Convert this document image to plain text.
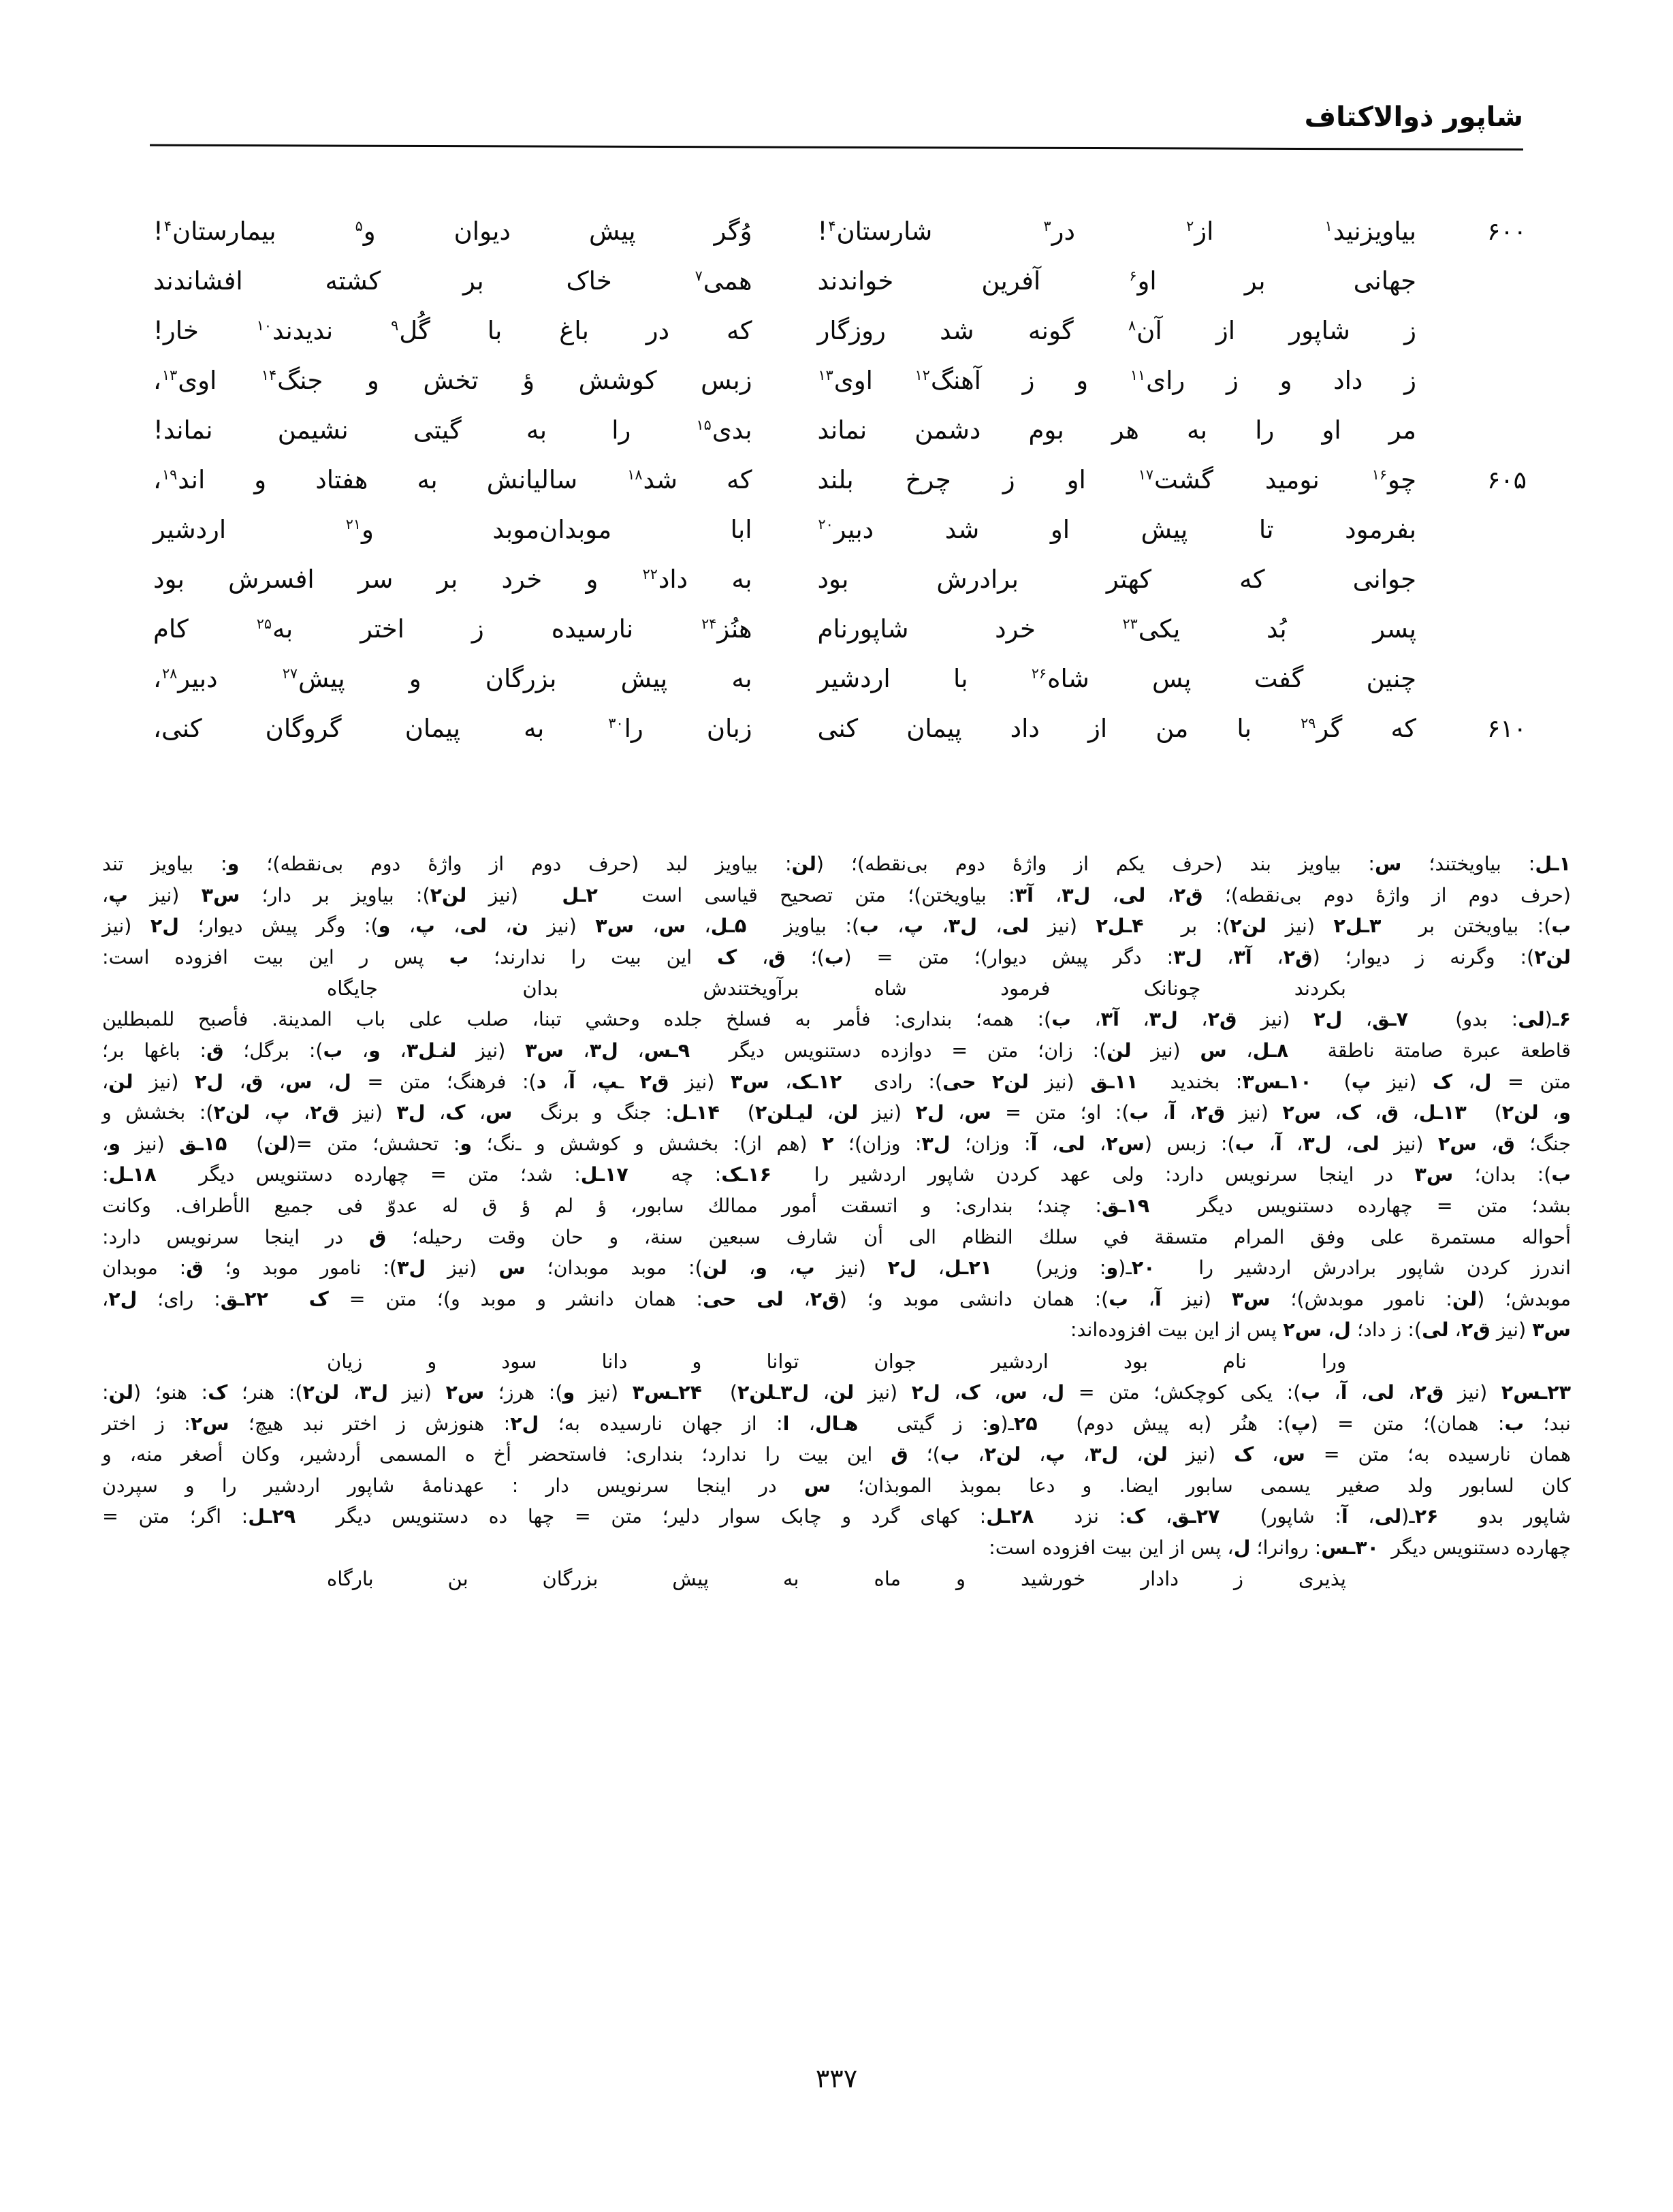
شاپور ذوالاکتاف
۶۰۰
بیاویزنید$^۱$ از$^۲$ در$^۳$ شارستان$^۴$!
وُگر پیش دیوان و$^۵$ بیمارستان$^۴$!
جهانی بر او$^۶$ آفرین خواندند
همی$^۷$ خاک بر کشته افشاندند
ز شاپور از آن$^۸$ گونه شد روزگار
که در باغ با گُل$^۹$ ندیدند$^{۱۰}$ خار!
ز داد و ز رای$^{۱۱}$ و ز آهنگ$^{۱۲}$ اوی$^{۱۳}$
زبس کوشش ؤ تخش و جنگ$^{۱۴}$ اوی$^{۱۳}$،
مر او را به هر بوم دشمن نماند
بدی$^{۱۵}$ را به گیتی نشیمن نماند!
۶۰۵
چو$^{۱۶}$ نومید گشت$^{۱۷}$ او ز چرخ بلند
که شد$^{۱۸}$ سالیانش به هفتاد و اند$^{۱۹}$،
بفرمود تا پیش او شد دبیر$^{۲۰}$
ابا موبدان‌موبد و$^{۲۱}$ اردشیر
جوانی که کهتر برادرش بود
به داد$^{۲۲}$ و خرد بر سر افسرش بود
پسر بُد یکی$^{۲۳}$ خرد شاپورنام
هنُز$^{۲۴}$ نارسیده ز اختر به$^{۲۵}$ کام
چنین گفت پس شاه$^{۲۶}$ با اردشیر
به پیش بزرگان و پیش$^{۲۷}$ دبیر$^{۲۸}$،
۶۱۰
که گر$^{۲۹}$ با من از داد پیمان کنی
زبان را$^{۳۰}$ به پیمان گروگان کنی،
۱ـل: بیاویختند؛ س: بیاویز بند (حرف یکم از واژهٔ دوم بی‌نقطه)؛ (لن: بیاویز لبد (حرف دوم از واژهٔ دوم بی‌نقطه)؛ و: بیاویز تند
(حرف دوم از واژهٔ دوم بی‌نقطه)؛ ق۲، لی، ل۳، آ۳: بیاویختن)؛ متن تصحیح قیاسی است  ۲ـل  (نیز لن۲): بیاویز بر دار؛ س۳ (نیز پ،
ب): بیاویختن بر  ۳ـل۲ (نیز لن۲): بر  ۴ـل۲ (نیز لی، ل۳، پ، ب): بیاویز  ۵ـل، س، س۳ (نیز ن، لی، پ، و): وگر پیش دیوار؛ ل۲ (نیز
لن۲): وگرنه ز دیوار؛ (ق۲، آ۳، ل۳: دگر پیش دیوار)؛ متن = (ب)؛ ق، ک این بیت را ندارند؛ ب پس ر این بیت افزوده است:
بکردند چونانک فرمود شاه
برآویختندش بدان جایگاه
۶ـ(لی: بدو)  ۷ـق، ل۲ (نیز ق۲، ل۳، آ۳، ب): همه؛ بنداری: فأمر به فسلخ جلده وحشي تبنا، صلب على باب المدينة. فأصبح للمبطلين
قاطعة عبرة صامتة ناطقة  ۸ـل، س (نیز لن): زان؛ متن = دوازده دستنویس دیگر  ۹ـس، ل۳، س۳ (نیز لنـل۳، و، ب): برگل؛ ق: باغها بر؛
متن = ل، ک (نیز پ)  ۱۰ـس۳: بخندید  ۱۱ـق (نیز لن۲ حی): رادی  ۱۲ـک، س۳ (نیز ق۲ ـپ، آ، د): فرهنگ؛ متن = ل، س، ق، ل۲ (نیز لن،
و، لن۲)  ۱۳ـل، ق، ک، س۲ (نیز ق۲، آ، ب): او؛ متن = س، ل۲ (نیز لن، لیـلن۲)  ۱۴ـل: جنگ و برنگ  س، ک، ل۳ (نیز ق۲، پ، لن۲): بخشش و
جنگ؛ ق، س۲ (نیز لی، ل۳، آ، ب): زبس (س۲، لی، آ: وزان؛ ل۳: وزان)؛ ۲ (هم از): بخشش و کوشش و ـ‌نگ؛ و: تحشش؛ متن =(لن)  ۱۵ـق (نیز و،
ب): بدان؛ س۳ در اینجا سرنویس دارد: ولی عهد کردن شاپور اردشیر را  ۱۶ـک: چه  ۱۷ـل: شد؛ متن = چهارده دستنویس دیگر  ۱۸ـل:
بشد؛ متن = چهارده دستنویس دیگر  ۱۹ـق: چند؛ بنداری: و اتسقت أمور ممالك سابور، ؤ لم ؤ ق له عدوّ فی جميع الأطراف. وكانت
أحواله مستمرة على وفق المرام متسقة في سلك النظام الى أن شارف سبعين سنة، و حان وقت رحیله؛ ق در اینجا سرنویس دارد:
اندرز کردن شاپور برادرش اردشیر را  ۲۰ـ(و: وزیر)  ۲۱ـل، ل۲ (نیز پ، و، لن): موبد موبدان؛ س (نیز ل۳): نامور موبد و؛ ق: موبدان
موبدش؛ (لن: نامور موبدش)؛ س۳ (نیز آ، ب): همان دانشی موبد و؛ (ق۲، لی حی: همان دانشر و موبد و)؛ متن = ک  ۲۲ـق: رای؛ ل۲،
س۳ (نیز ق۲، لی): ز داد؛ ل، س۲ پس از این بیت افزوده‌اند:
ورا نام بود اردشیر جوان
توانا و دانا سود و زیان
۲۳ـس۲ (نیز ق۲، لی، آ، ب): یکی کوچکش؛ متن = ل، س، ک، ل۲ (نیز لن، ل۳ـلن۲)  ۲۴ـس۳ (نیز و): هرز؛ س۲ (نیز ل۳، لن۲): هنر؛ ک: هنو؛ (لن:
نبد؛ ب: همان)؛ متن = (پ): هنُر (به پیش دوم)  ۲۵ـ(و: ز گیتی  هـال، ا: از جهان نارسیده به؛ ل۲: هنوزش ز اختر نبد هیچ؛ س۲: ز اختر
همان نارسیده به؛ متن = س، ک (نیز لن، ل۳، پ، لن۲، ب)؛ ق این بیت را ندارد؛ بنداری: فاستحضر أخ ه المسمى أردشير، وكان أصغر منه، و
كان لسابور ولد صغير يسمى سابور ايضا. و دعا بموبذ الموبذان؛ س در اینجا سرنویس دار : عهدنامهٔ شاپور اردشیر را و سپردن
شاپور بدو  ۲۶ـ(لی، آ: شاپور)  ۲۷ـق، ک: نزد  ۲۸ـل: کهای گرد و چابک سوار دلیر؛ متن = چها ده دستنویس دیگر  ۲۹ـل: اگر؛ متن =
چهارده دستنویس دیگر  ۳۰ـس: روانرا؛ ل، پس از این بیت افزوده است:
پذیری ز دادار خورشید و ماه
به پیش بزرگان بن بارگاه
۳۳۷
